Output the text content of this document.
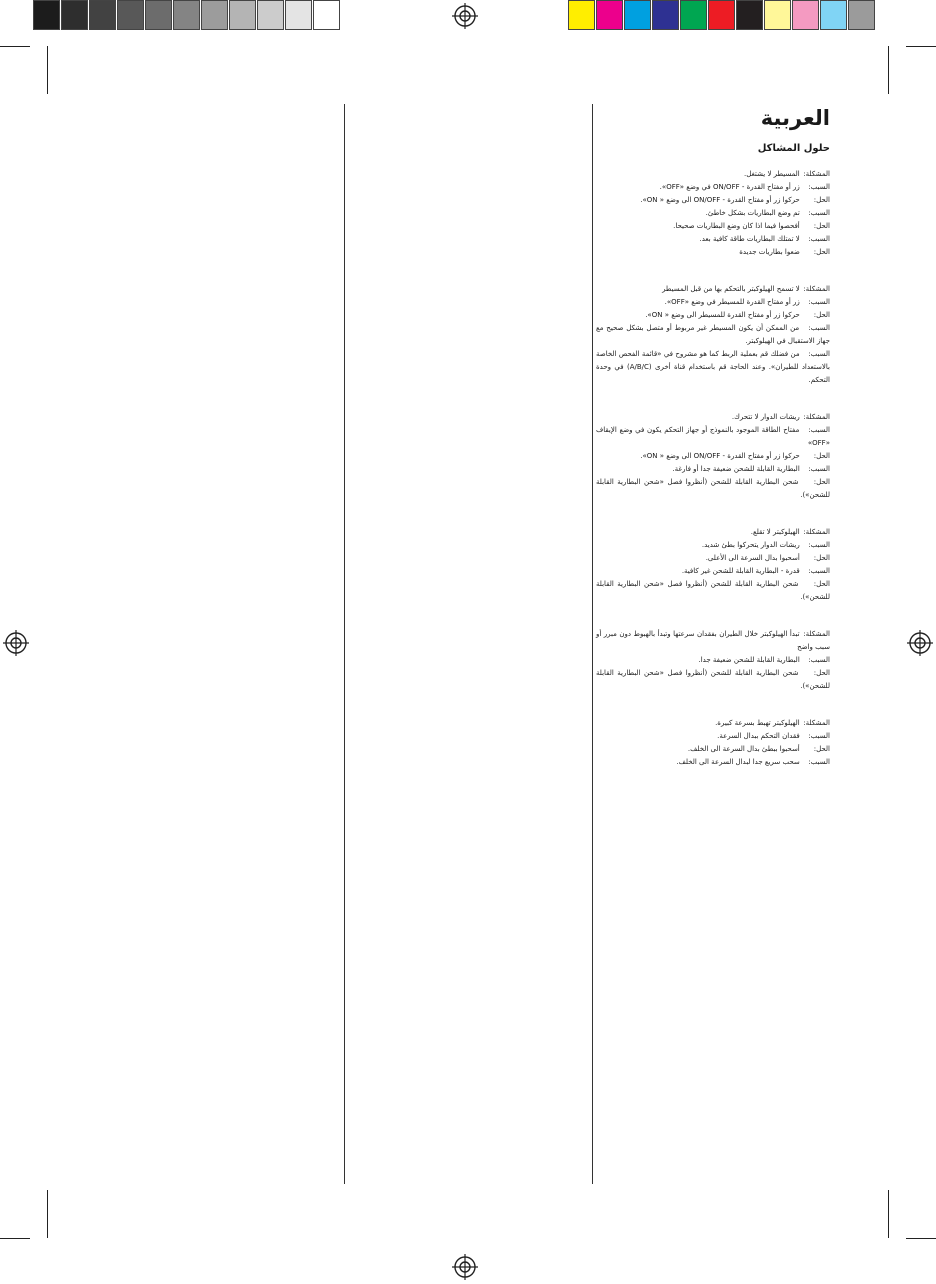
العربية
حلول المشاكل
المشكلة: المسيطر لا يشتغل.
السبب: زر أو مفتاح القدرة - ON/OFF في وضع «OFF».
الحل: حركوا زر أو مفتاح القدرة - ON/OFF الى وضع « ON».
السبب: تم وضع البطاريات بشكل خاطئ.
الحل: أفحصوا فيما اذا كان وضع البطاريات صحيحا.
السبب: لا تمتلك البطاريات طاقة كافية بعد.
الحل: ضعوا بطاريات جديدة
المشكلة: لا تسمح الهيلوكبتر بالتحكم بها من قبل المسيطر
السبب: زر أو مفتاح القدرة للمسيطر في وضع «OFF».
الحل: حركوا زر أو مفتاح القدرة للمسيطر الى وضع « ON».
السبب: من الممكن أن يكون المسيطر غير مربوط أو متصل بشكل صحيح مع جهاز الاستقبال في الهيلوكبتر.
السبب: من فضلك قم بعملية الربط كما هو مشروح في «قائمة الفحص الخاصة بالاستعداد للطيران». وعند الحاجة قم باستخدام قناة أخرى (A/B/C) في وحدة التحكم.
المشكلة: ريشات الدوار لا تتحرك.
السبب: مفتاح الطاقة الموجود بالنموذج أو جهاز التحكم يكون في وضع الإيقاف «OFF»
الحل: حركوا زر أو مفتاح القدرة - ON/OFF الى وضع « ON».
السبب: البطارية القابلة للشحن ضعيفة جدا أو فارغة.
الحل: شحن البطارية القابلة للشحن (أنظروا فصل «شحن البطارية القابلة للشحن»).
المشكلة: الهيلوكبتر لا تقلع.
السبب: ريشات الدوار يتحركوا بطئ شديد.
الحل: أسحبوا بدال السرعة الى الأعلى.
السبب: قدرة - البطارية القابلة للشحن غير كافية.
الحل: شحن البطارية القابلة للشحن (أنظروا فصل «شحن البطارية القابلة للشحن»).
المشكلة: تبدأ الهيلوكبتر خلال الطيران بفقدان سرعتها وتبدأ بالهبوط دون مبرر أو سبب واضح
السبب: البطارية القابلة للشحن ضعيفة جدا.
الحل: شحن البطارية القابلة للشحن (أنظروا فصل «شحن البطارية القابلة للشحن»).
المشكلة: الهيلوكبتر تهبط بسرعة كبيرة.
السبب: فقدان التحكم ببدال السرعة.
الحل: أسحبوا ببطئ بدال السرعة الى الخلف.
السبب: سحب سريع جدا لبدال السرعة الى الخلف.
